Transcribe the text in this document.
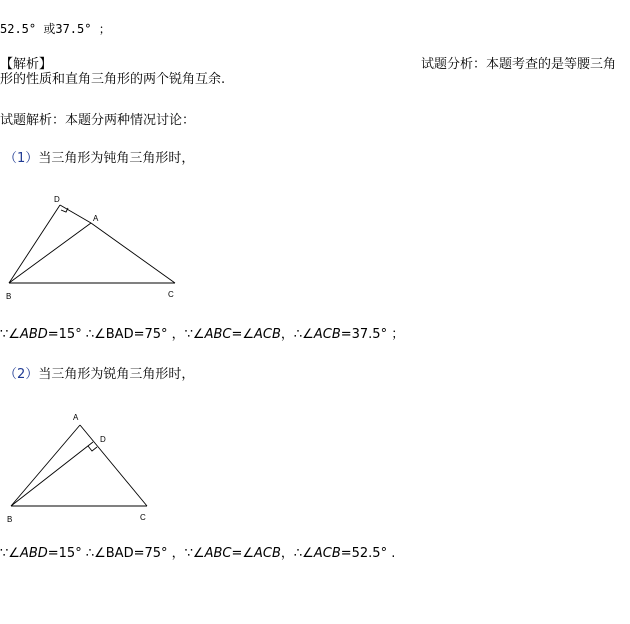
52.5° 或37.5° ；
【解析】	试题分析：本题考查的是等腰三角
形的性质和直角三角形的两个锐角互余.
试题解析：本题分两种情况讨论：
（1）当三角形为钝角三角形时，
D
A
B	C
∵∠ABD=15° ∴∠BAD=75° ，∵∠ABC=∠ACB，∴∠ACB=37.5° ；
（2）当三角形为锐角三角形时，
A
D
B	C
∵∠ABD=15° ∴∠BAD=75° ，∵∠ABC=∠ACB，∴∠ACB=52.5° .
